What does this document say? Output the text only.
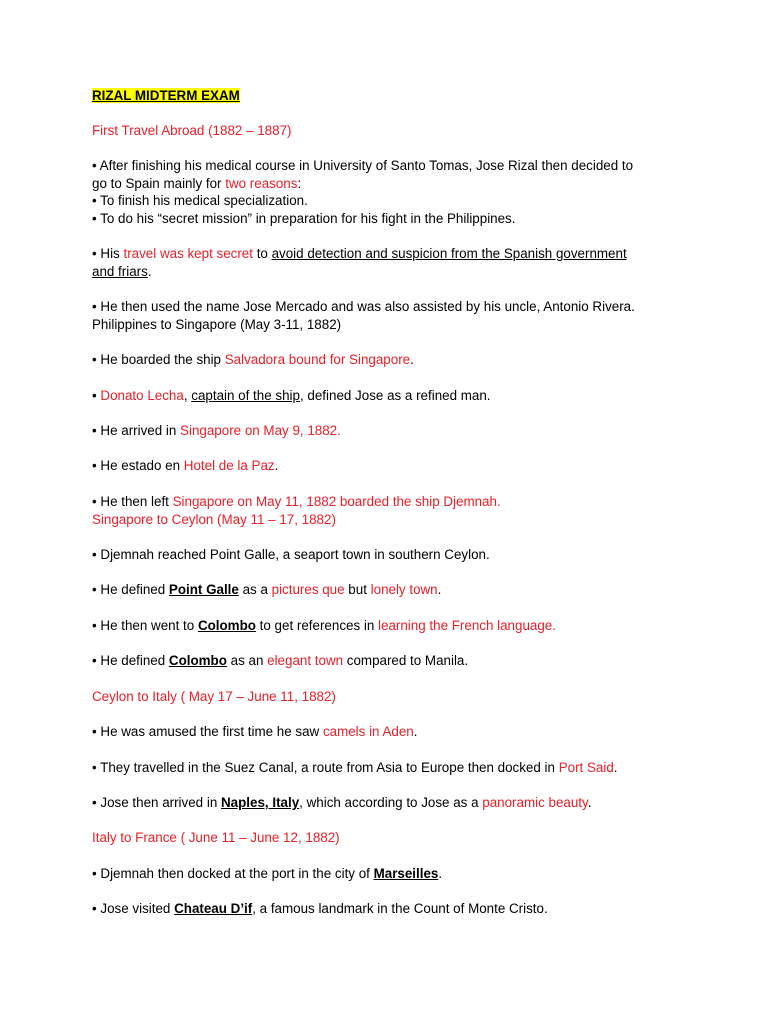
RIZAL MIDTERM EXAM
First Travel Abroad (1882 – 1887)
• After finishing his medical course in University of Santo Tomas, Jose Rizal then decided to
go to Spain mainly for two reasons:
• To finish his medical specialization.
• To do his “secret mission” in preparation for his fight in the Philippines.
• His travel was kept secret to avoid detection and suspicion from the Spanish government
and friars.
• He then used the name Jose Mercado and was also assisted by his uncle, Antonio Rivera.
Philippines to Singapore (May 3-11, 1882)
• He boarded the ship Salvadora bound for Singapore.
• Donato Lecha, captain of the ship, defined Jose as a refined man.
• He arrived in Singapore on May 9, 1882.
• He estado en Hotel de la Paz.
• He then left Singapore on May 11, 1882 boarded the ship Djemnah.
Singapore to Ceylon (May 11 – 17, 1882)
• Djemnah reached Point Galle, a seaport town in southern Ceylon.
• He defined Point Galle as a pictures que but lonely town.
• He then went to Colombo to get references in learning the French language.
• He defined Colombo as an elegant town compared to Manila.
Ceylon to Italy ( May 17 – June 11, 1882)
• He was amused the first time he saw camels in Aden.
• They travelled in the Suez Canal, a route from Asia to Europe then docked in Port Said.
• Jose then arrived in Naples, Italy, which according to Jose as a panoramic beauty.
Italy to France ( June 11 – June 12, 1882)
• Djemnah then docked at the port in the city of Marseilles.
• Jose visited Chateau D’if, a famous landmark in the Count of Monte Cristo.
